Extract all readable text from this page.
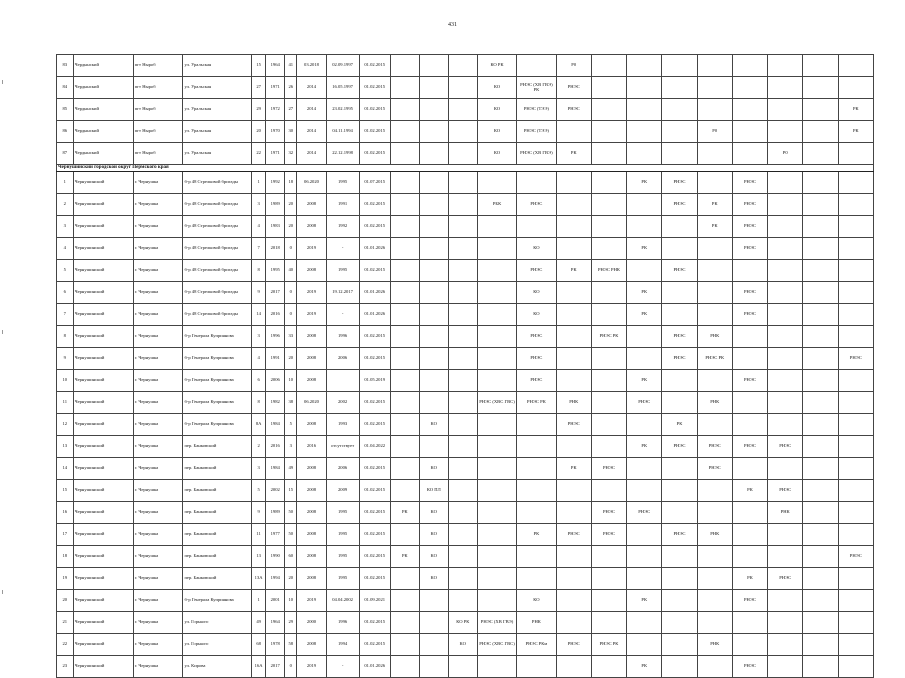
431
83	Чердынский	пгт Ныроб	ул. Уральская	15	1964	41	03.2018	02.09.1997	01.02.2015				КО РК		Р0								
84	Чердынский	пгт Ныроб	ул. Уральская	27	1971	26	2014	16.05.1997	01.02.2015				КО	РНЭС (ХВ ГВЭ) РК	РНЭС								
85	Чердынский	пгт Ныроб	ул. Уральская	29	1972	27	2014	23.02.1995	01.02.2015				КО	РНЭС (ТЭЭ)	РНЭС								РК
86	Чердынский	пгт Ныроб	ул. Уральская	20	1970	30	2014	04.11.1994	01.02.2015				КО	РНЭС (ТЭЭ)					Р0				РК
87	Чердынский	пгт Ныроб	ул. Уральская	22	1971	32	2014	22.12.1998	01.02.2015				КО	РНЭС (ХВ ГВЭ)	РК						Р0		
Чернушинский городской округ Пермского края																							
1	Чернушинский	г. Чернушка	б-р 48 Стрелковой бригады	1	1992	18	06.2020	1995	01.07.2015								РК	РНЭС		РНЭС			
2	Чернушинский	г. Чернушка	б-р 48 Стрелковой бригады	3	1989	20	2008	1991	01.02.2015				РБК	РНЭС				РНЭС	РК	РНЭС			
3	Чернушинский	г. Чернушка	б-р 48 Стрелковой бригады	4	1983	20	2008	1992	01.02.2015										РК	РНЭС			
4	Чернушинский	г. Чернушка	б-р 48 Стрелковой бригады	7	2018	0	2019	-	01.01.2026					КО			РК			РНЭС			
5	Чернушинский	г. Чернушка	б-р 48 Стрелковой бригады	8	1995	40	2008	1995	01.02.2015					РНЭС	РК	РНЭС РНК		РНЭС					
6	Чернушинский	г. Чернушка	б-р 48 Стрелковой бригады	9	2017	0	2019	19.12.2017	01.01.2026					КО			РК			РНЭС			
7	Чернушинский	г. Чернушка	б-р 48 Стрелковой бригады	14	2016	0	2019	-	01.01.2026					КО			РК			РНЭС			
8	Чернушинский	г. Чернушка	б-р Генерала Куприянова	3	1996	33	2008	1996	01.02.2015					РНЭС		РНЭС РК		РНЭС	РНК				
9	Чернушинский	г. Чернушка	б-р Генерала Куприянова	4	1991	20	2008	2006	01.02.2015					РНЭС				РНЭС	РНЭС РК				РНЭС
10	Чернушинский	г. Чернушка	б-р Генерала Куприянова	6	2006	10	2008		01.05.2019					РНЭС			РК			РНЭС			
11	Чернушинский	г. Чернушка	б-р Генерала Куприянова	8	1982	38	06.2020	2002	01.02.2015				РНЭС (ХВС ГВС)	РНЭС РК	РНК		РНЭС		РНК				
12	Чернушинский	г. Чернушка	б-р Генерала Куприянова	8А	1984	5	2008	1993	01.02.2015		КО				РНЭС			РК					
13	Чернушинский	г. Чернушка	пер. Банковский	2	2016	3	2016	отсутствует	01.04.2022								РК	РНЭС	РНЭС	РНЭС	РНЭС		
14	Чернушинский	г. Чернушка	пер. Банковский	3	1984	49	2008	2006	01.02.2015		КО				РК	РНЭС			РНЭС				
15	Чернушинский	г. Чернушка	пер. Банковский	5	2002	15	2008	2009	01.02.2015		КО ПЛ									РК	РНЭС		
16	Чернушинский	г. Чернушка	пер. Банковский	9	1989	50	2008	1995	01.02.2015	РК	КО					РНЭС	РНЭС				РНК		
17	Чернушинский	г. Чернушка	пер. Банковский	11	1977	50	2008	1995	01.02.2015		КО			РК	РНЭС	РНЭС		РНЭС	РНК				
18	Чернушинский	г. Чернушка	пер. Банковский	13	1990	60	2008	1995	01.02.2015	РК	КО												РНЭС
19	Чернушинский	г. Чернушка	пер. Банковский	13А	1994	20	2008	1995	01.02.2015		КО									РК	РНЭС		
20	Чернушинский	г. Чернушка	б-р Генерала Куприянова	1	2001	10	2019	04.04.2002	01.09.2021					КО			РК			РНЭС			
21	Чернушинский	г. Чернушка	ул. Горького	49	1964	29	2000	1996	01.02.2015			КО РК	РНЭС (ХВ ГВЭ)	РНК									
22	Чернушинский	г. Чернушка	ул. Горького	68	1978	58	2008	1994	01.02.2015			КО	РНЭС (ХВС ГВС)	РНЭС РКм	РНЭС	РНЭС РК			РНК				
23	Чернушинский	г. Чернушка	ул. Кирова	16А	2017	0	2019	-	01.01.2026								РК			РНЭС			
